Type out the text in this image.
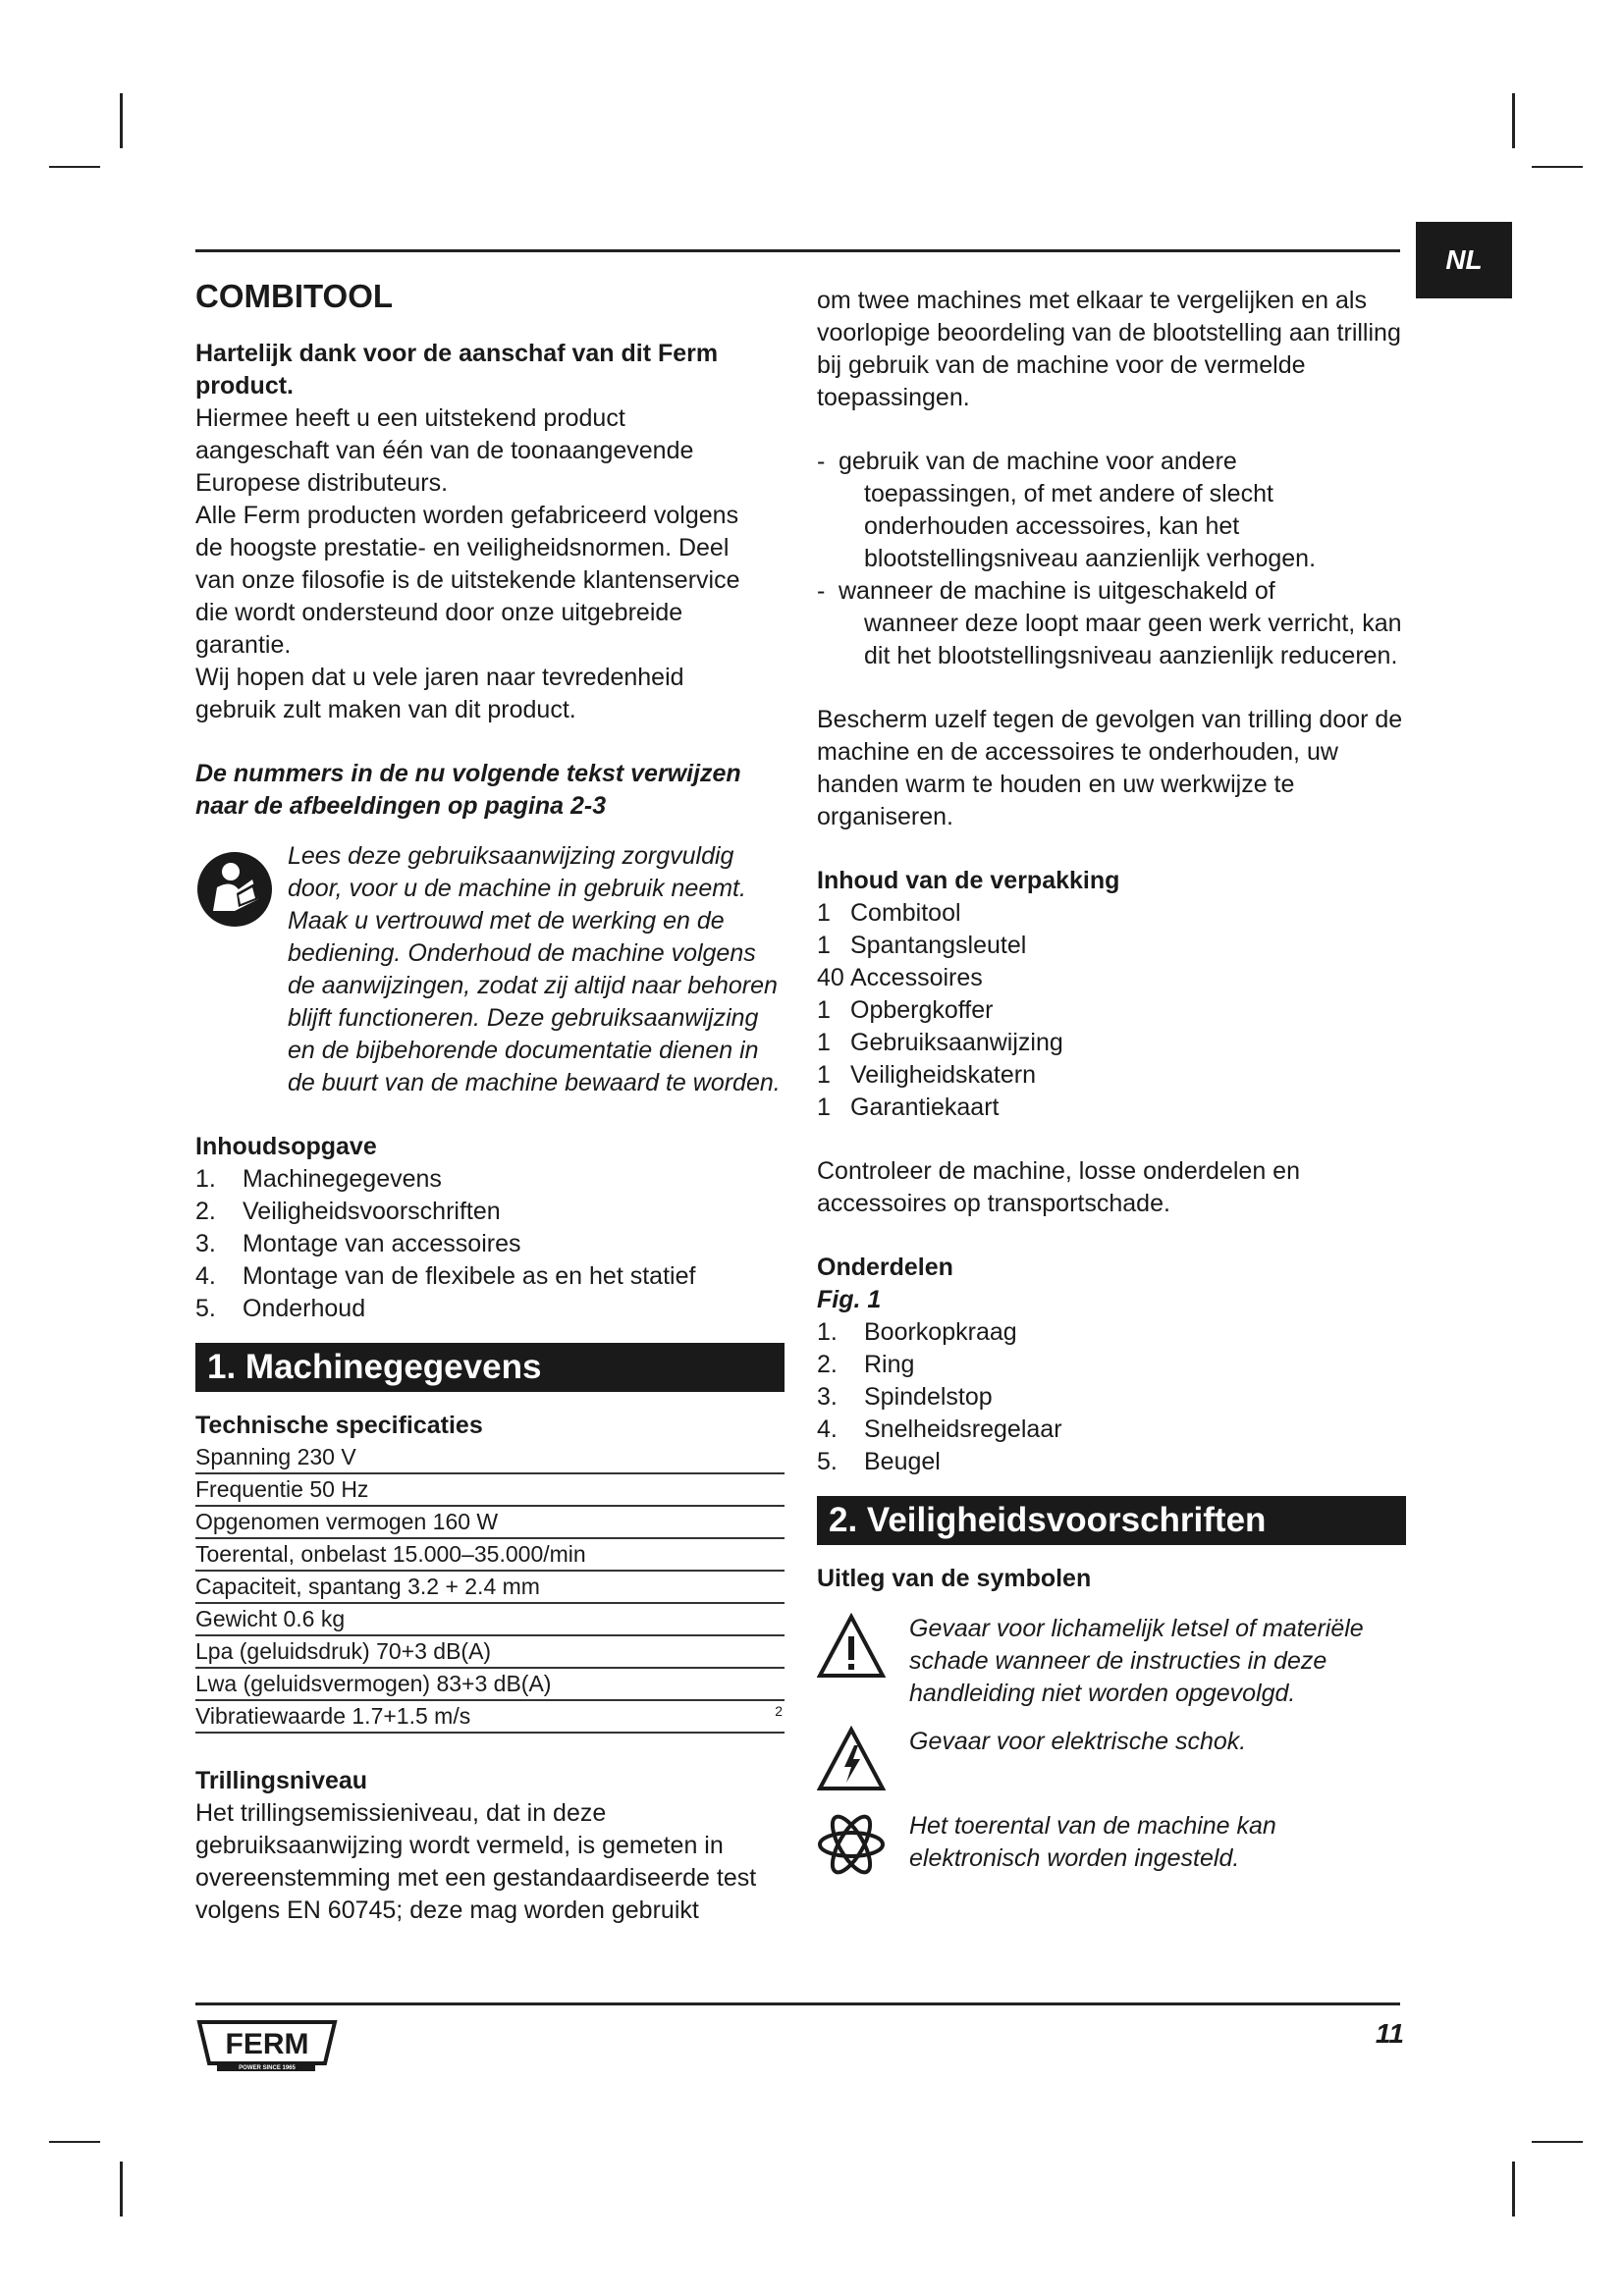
NL

COMBITOOL

Hartelijk dank voor de aanschaf van dit Ferm product.

Hiermee heeft u een uitstekend product

aangeschaft van één van de toonaangevende

Europese distributeurs.

Alle Ferm producten worden gefabriceerd volgens

de hoogste prestatie- en veiligheidsnormen. Deel

van onze filosofie is de uitstekende klantenservice

die wordt ondersteund door onze uitgebreide

garantie.

Wij hopen dat u vele jaren naar tevredenheid

gebruik zult maken van dit product.

De nummers in de nu volgende tekst verwijzen naar de afbeeldingen op pagina 2-3

Lees deze gebruiksaanwijzing zorgvuldig door, voor u de machine in gebruik neemt. Maak u vertrouwd met de werking en de bediening. Onderhoud de machine volgens de aanwijzingen, zodat zij altijd naar behoren blijft functioneren. Deze gebruiksaanwijzing en de bijbehorende documentatie dienen in de buurt van de machine bewaard te worden.

Inhoudsopgave

1.	Machinegegevens
2.	Veiligheidsvoorschriften
3.	Montage van accessoires
4.	Montage van de flexibele as en het statief
5.	Onderhoud
1. Machinegegevens

Technische specificaties

Spanning 230 V
Frequentie 50 Hz
Opgenomen vermogen 160 W
Toerental, onbelast 15.000–35.000/min
Capaciteit, spantang 3.2 + 2.4 mm
Gewicht 0.6 kg
Lpa (geluidsdruk) 70+3 dB(A)
Lwa (geluidsvermogen) 83+3 dB(A)
Vibratiewaarde 1.7+1.5 m/s	2

Trillingsniveau

Het trillingsemissieniveau, dat in deze gebruiksaanwijzing wordt vermeld, is gemeten in overeenstemming met een gestandaardiseerde test volgens EN 60745; deze mag worden gebruikt

om twee machines met elkaar te vergelijken en als voorlopige beoordeling van de blootstelling aan trilling bij gebruik van de machine voor de vermelde toepassingen.

- gebruik van de machine voor andere
toepassingen, of met andere of slecht onderhouden accessoires, kan het blootstellingsniveau aanzienlijk verhogen.
- wanneer de machine is uitgeschakeld of
wanneer deze loopt maar geen werk verricht, kan dit het blootstellingsniveau aanzienlijk reduceren.

Bescherm uzelf tegen de gevolgen van trilling door de machine en de accessoires te onderhouden, uw handen warm te houden en uw werkwijze te organiseren.

Inhoud van de verpakking

1 Combitool
1 Spantangsleutel
40 Accessoires
1 Opbergkoffer
1 Gebruiksaanwijzing
1 Veiligheidskatern
1 Garantiekaart

Controleer de machine, losse onderdelen en accessoires op transportschade.

Onderdelen

Fig. 1

1.	Boorkopkraag
2.	Ring
3.	Spindelstop
4.	Snelheidsregelaar
5.	Beugel
2. Veiligheidsvoorschriften

Uitleg van de symbolen

Gevaar voor lichamelijk letsel of materiële schade wanneer de instructies in deze handleiding niet worden opgevolgd.

Gevaar voor elektrische schok.

Het toerental van de machine kan elektronisch worden ingesteld.

FERM
POWER SINCE 1965
11
